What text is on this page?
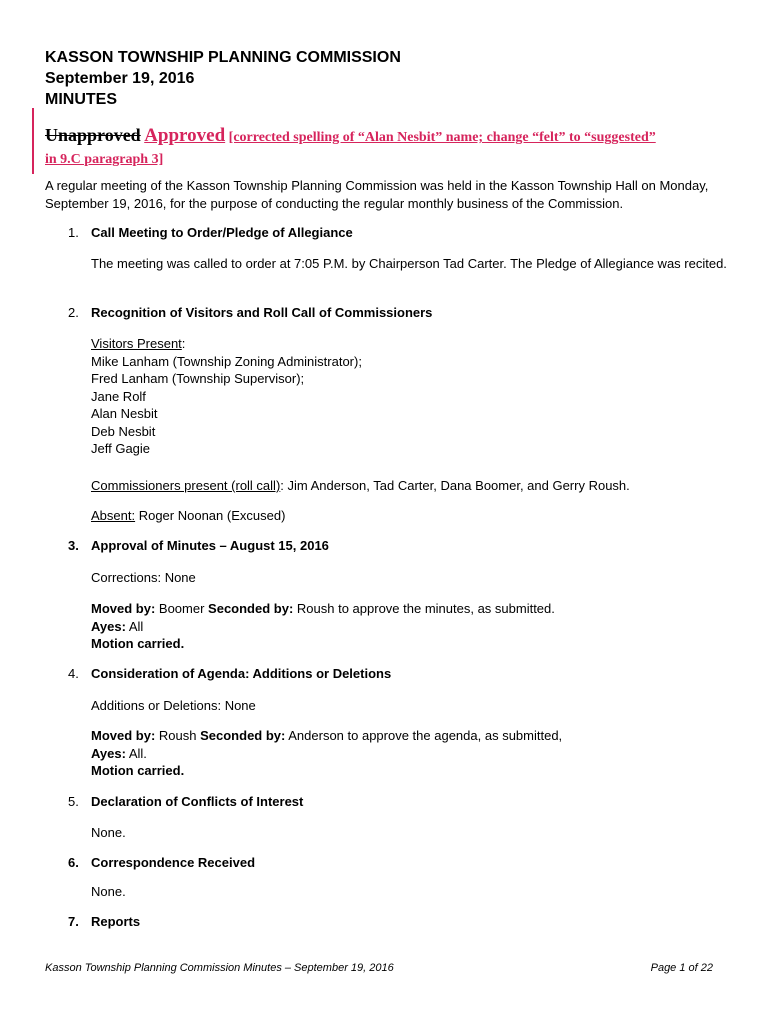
KASSON TOWNSHIP PLANNING COMMISSION
September 19, 2016
MINUTES
Unapproved Approved [corrected spelling of “Alan Nesbit” name; change “felt” to “suggested”
in 9.C paragraph 3]
A regular meeting of the Kasson Township Planning Commission was held in the Kasson Township Hall on Monday, September 19, 2016, for the purpose of conducting the regular monthly business of the Commission.
1. Call Meeting to Order/Pledge of Allegiance
The meeting was called to order at 7:05 P.M. by Chairperson Tad Carter. The Pledge of Allegiance was recited.
2. Recognition of Visitors and Roll Call of Commissioners
Visitors Present:
Mike Lanham (Township Zoning Administrator);
Fred Lanham (Township Supervisor);
Jane Rolf
Alan Nesbit
Deb Nesbit
Jeff Gagie
Commissioners present (roll call): Jim Anderson, Tad Carter, Dana Boomer, and Gerry Roush.
Absent: Roger Noonan (Excused)
3. Approval of Minutes – August 15, 2016
Corrections: None
Moved by: Boomer Seconded by: Roush to approve the minutes, as submitted.
Ayes: All
Motion carried.
4. Consideration of Agenda: Additions or Deletions
Additions or Deletions: None
Moved by: Roush Seconded by: Anderson to approve the agenda, as submitted,
Ayes: All.
Motion carried.
5. Declaration of Conflicts of Interest
None.
6. Correspondence Received
None.
7. Reports
Kasson Township Planning Commission Minutes – September 19, 2016	Page 1 of 22
